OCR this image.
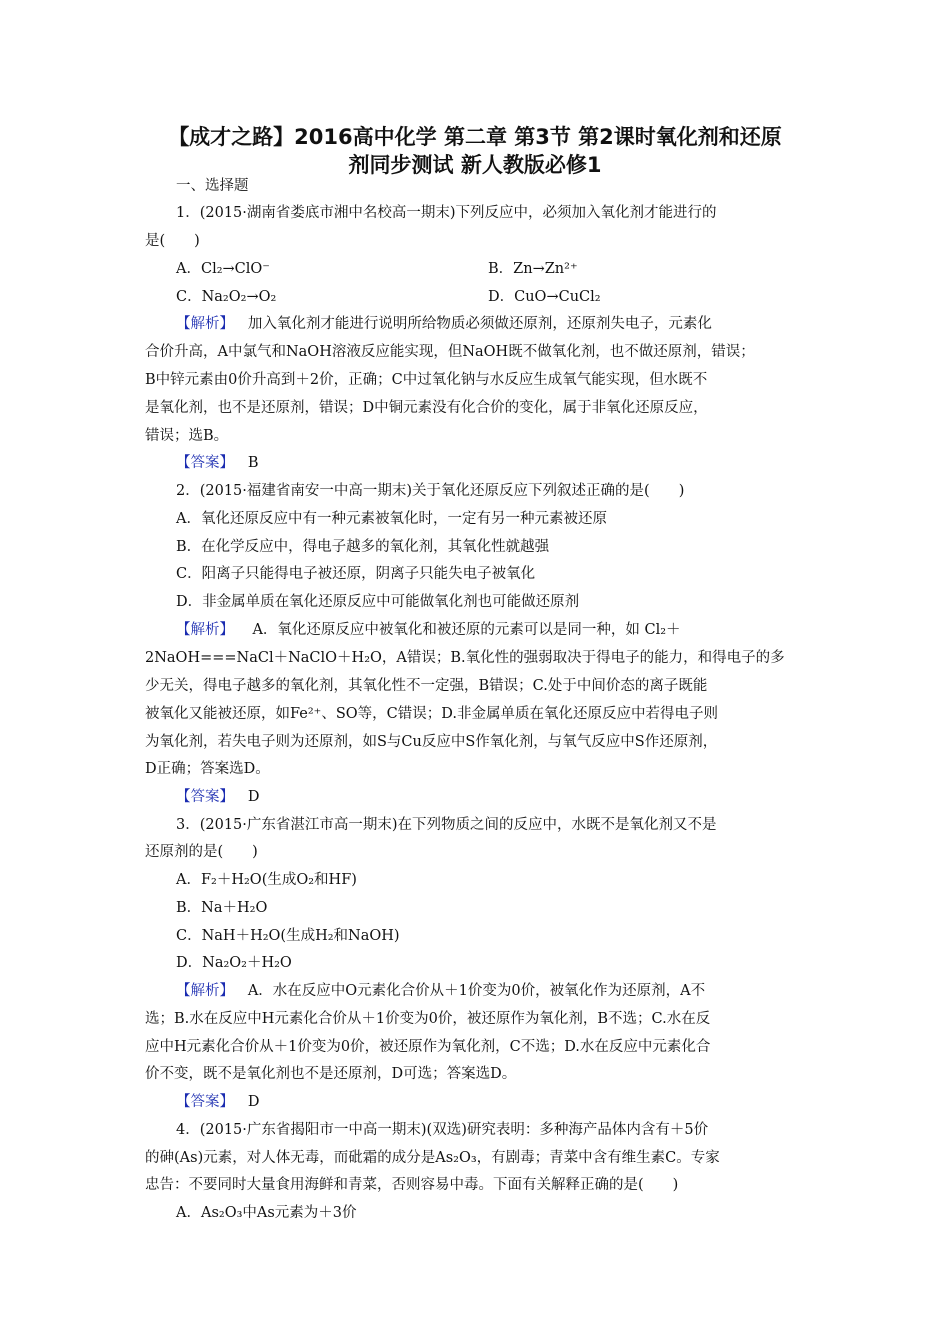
【成才之路】2016高中化学 第二章 第3节 第2课时氧化剂和还原
剂同步测试 新人教版必修1
一、选择题
1．(2015·湖南省娄底市湘中名校高一期末)下列反应中，必须加入氧化剂才能进行的
是(　　)
A．Cl₂→ClO⁻	B．Zn→Zn²⁺
C．Na₂O₂→O₂	D．CuO→CuCl₂
【解析】 加入氧化剂才能进行说明所给物质必须做还原剂，还原剂失电子，元素化
合价升高，A中氯气和NaOH溶液反应能实现，但NaOH既不做氧化剂，也不做还原剂，错误；
B中锌元素由0价升高到＋2价，正确；C中过氧化钠与水反应生成氧气能实现，但水既不
是氧化剂，也不是还原剂，错误；D中铜元素没有化合价的变化，属于非氧化还原反应，
错误；选B。
【答案】 B
2．(2015·福建省南安一中高一期末)关于氧化还原反应下列叙述正确的是(　　)
A．氧化还原反应中有一种元素被氧化时，一定有另一种元素被还原
B．在化学反应中，得电子越多的氧化剂，其氧化性就越强
C．阳离子只能得电子被还原，阴离子只能失电子被氧化
D．非金属单质在氧化还原反应中可能做氧化剂也可能做还原剂
【解析】 A．氧化还原反应中被氧化和被还原的元素可以是同一种，如 Cl₂＋
2NaOH===NaCl＋NaClO＋H₂O，A错误；B.氧化性的强弱取决于得电子的能力，和得电子的多
少无关，得电子越多的氧化剂，其氧化性不一定强，B错误；C.处于中间价态的离子既能
被氧化又能被还原，如Fe²⁺、SO等，C错误；D.非金属单质在氧化还原反应中若得电子则
为氧化剂，若失电子则为还原剂，如S与Cu反应中S作氧化剂，与氧气反应中S作还原剂，
D正确；答案选D。
【答案】 D
3．(2015·广东省湛江市高一期末)在下列物质之间的反应中，水既不是氧化剂又不是
还原剂的是(　　)
A．F₂＋H₂O(生成O₂和HF)
B．Na＋H₂O
C．NaH＋H₂O(生成H₂和NaOH)
D．Na₂O₂＋H₂O
【解析】 A．水在反应中O元素化合价从＋1价变为0价，被氧化作为还原剂，A不
选；B.水在反应中H元素化合价从＋1价变为0价，被还原作为氧化剂，B不选；C.水在反
应中H元素化合价从＋1价变为0价，被还原作为氧化剂，C不选；D.水在反应中元素化合
价不变，既不是氧化剂也不是还原剂，D可选；答案选D。
【答案】 D
4．(2015·广东省揭阳市一中高一期末)(双选)研究表明：多种海产品体内含有＋5价
的砷(As)元素，对人体无毒，而砒霜的成分是As₂O₃，有剧毒；青菜中含有维生素C。专家
忠告：不要同时大量食用海鲜和青菜，否则容易中毒。下面有关解释正确的是(　　)
A．As₂O₃中As元素为＋3价
